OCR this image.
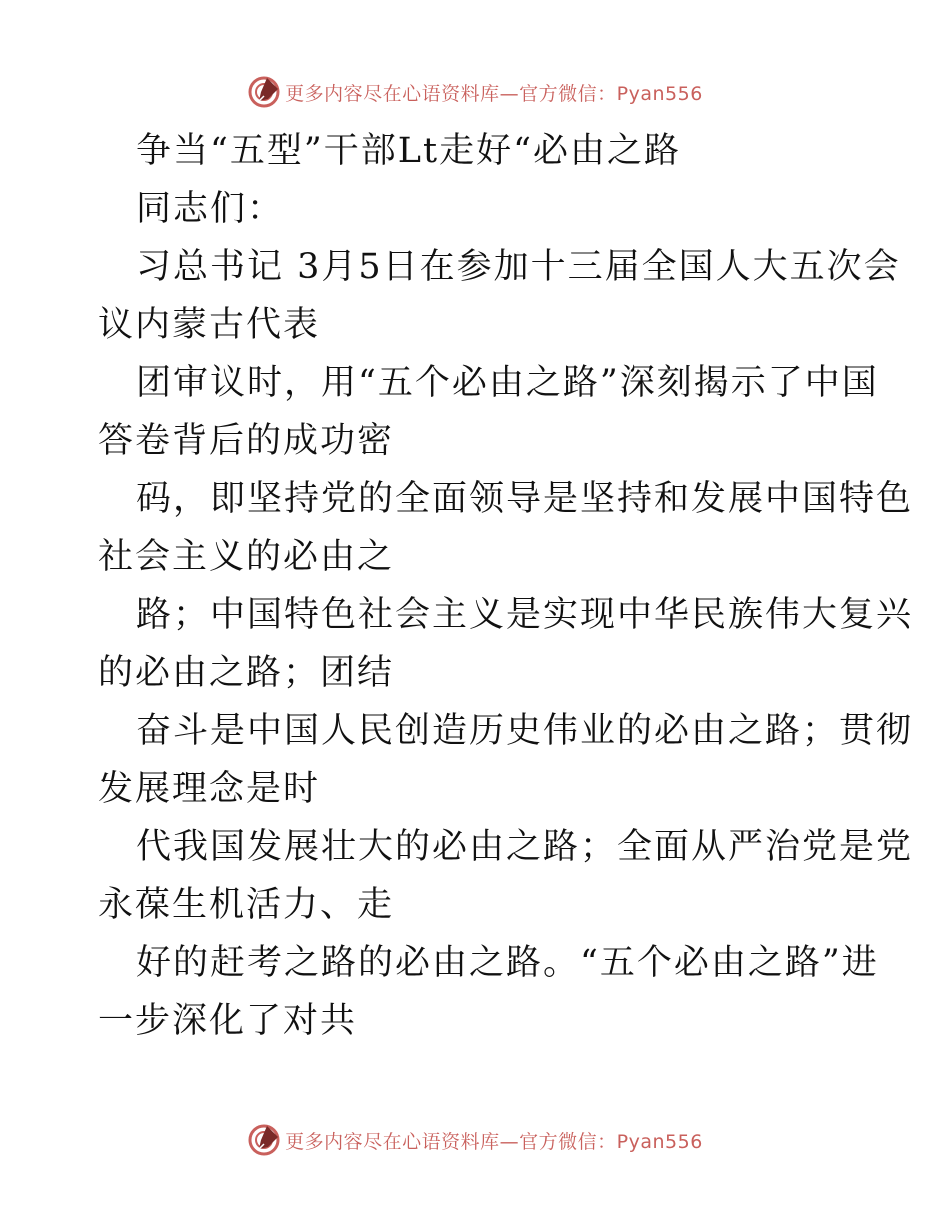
更多内容尽在心语资料库—官方微信：Pyan556
争当“五型”干部Lt走好“必由之路
同志们：
习总书记 3月5日在参加十三届全国人大五次会
议内蒙古代表
团审议时，用“五个必由之路”深刻揭示了中国
答卷背后的成功密
码，即坚持党的全面领导是坚持和发展中国特色
社会主义的必由之
路；中国特色社会主义是实现中华民族伟大复兴
的必由之路；团结
奋斗是中国人民创造历史伟业的必由之路；贯彻
发展理念是时
代我国发展壮大的必由之路；全面从严治党是党
永葆生机活力、走
好的赶考之路的必由之路。“五个必由之路”进
一步深化了对共
更多内容尽在心语资料库—官方微信：Pyan556
